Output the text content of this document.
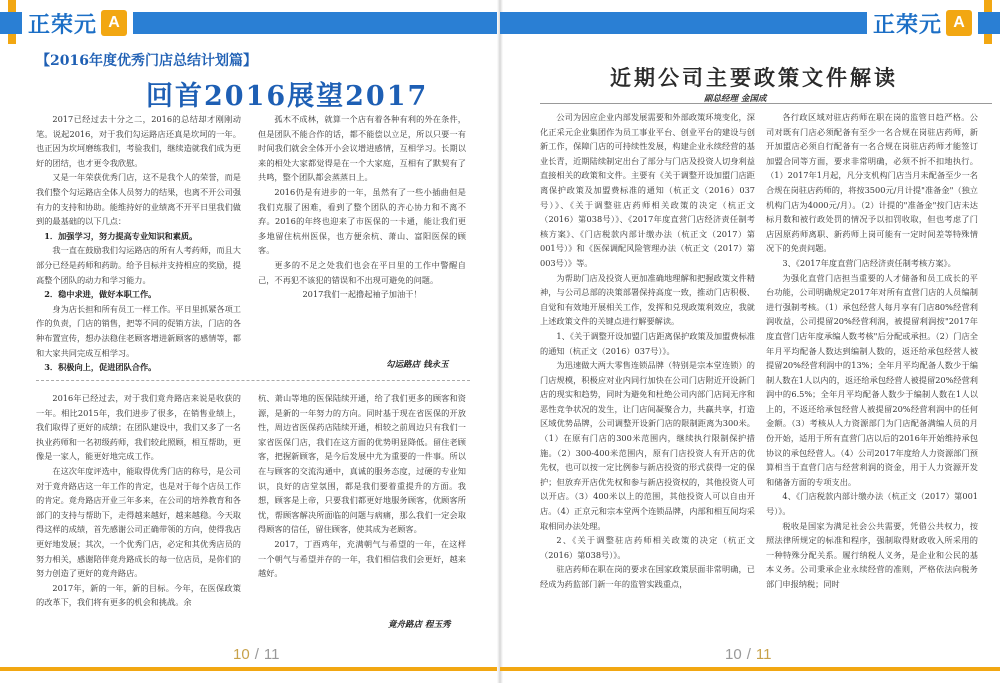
正荣元 A
【2016年度优秀门店总结计划篇】
回首2016展望2017

2017已经过去十分之二，2016的总结却才刚刚动笔。说起2016，对于我们勾运路店还真是坎坷的一年。也正因为坎坷磨练我们，考验我们，继续造就我们成为更好的团结，也才更令我欣慰。

又是一年荣获优秀门店，这不是我个人的荣誉，而是我们整个勾运路店全体人员努力的结果，也离不开公司强有力的支持和协助。能维持好的业绩离不开平日里我们做到的最基础的以下几点：

1．加强学习，努力提高专业知识和素质。

我一直在鼓励我们勾运路店的所有人考药师，而且大部分已经是药师和药助。给予目标并支持相应的奖励，提高整个团队的动力和学习能力。

2．稳中求进，做好本职工作。

身为店长担和所有员工一样工作。平日里抓紧各项工作的负责，门店的销售，把等不同的促销方法，门店的各种布置宣传，想办法稳住老顾客增进新顾客的感情等，都和大家共同完成互相学习。

3．积极向上，促进团队合作。

孤木不成林，就算一个店有着各种有利的外在条件，但是团队不能合作的话，都不能偿以立足，所以只要一有时间我们就会全体开小会议增进感情，互相学习。长期以来的相处大家都觉得是在一个大家庭，互相有了默契有了共鸣，整个团队都会蒸蒸日上。

2016仍是有进步的一年，虽然有了一些小插曲但是我们克服了困难，看到了整个团队的齐心协力和不离不弃。2016的年终也迎来了市医保的一卡通，能让我们更多地留住杭州医保，也方便余杭、萧山、富阳医保的顾客。

更多的不足之处我们也会在平日里的工作中警醒自己，不再犯不该犯的错误和不出现可避免的问题。

2017我们一起撸起袖子加油干！

勾运路店 钱永玉

2016年已经过去，对于我们竟舟路店来说是收获的一年。相比2015年，我们进步了很多，在销售业绩上，我们取得了更好的成绩；在团队建设中，我们又多了一名执业药师和一名初级药师，我们较此照顾，相互帮助，更像是一家人，能更好地完成工作。

在这次年度评选中，能取得优秀门店的称号，是公司对于竟舟路店这一年工作的肯定，也是对于每个店员工作的肯定。竟舟路店开业三年多来，在公司的培养教育和各部门的支持与帮助下，走得越来越好，越来越稳。今天取得这样的成绩，首先感谢公司正确带领的方向，使得我店更好地发展；其次，一个优秀门店，必定和其优秀店员的努力相关，感谢陪伴竟舟路成长的每一位店员，是你们的努力创造了更好的竟舟路店。

2017年，新的一年，新的目标。今年，在医保政策的改革下，我们将有更多的机会和挑战。余

杭、萧山等地的医保陆续开通，给了我们更多的顾客和资源，是新的一年努力的方向。同时基于现在省医保的开放性，周边省医保药店陆续开通，相较之前周边只有我们一家省医保门店，我们在这方面的优势明显降低。留住老顾客，把握新顾客，是今后发展中尤为重要的一件事。所以在与顾客的交流沟通中，真诚的服务态度，过硬的专业知识，良好的店堂氛围，都是我们要着重提升的方面。我想，顾客是上帝，只要我们都更好地服务顾客，优顾客所忧，帮顾客解决所面临的问题与病痛，那么我们一定会取得顾客的信任，留住顾客，使其成为老顾客。

2017，丁酉鸡年，充满朝气与希望的一年，在这样一个朝气与希望并存的一年，我们相信我们会更好，越来越好。

竟舟路店 程玉秀
10 / 11
正荣元 A
近期公司主要政策文件解读
副总经理 金国成

公司为因应企业内部发展需要和外部政策环境变化，深化正采元企业集团作为员工事业平台、创业平台的建设与创新工作，保障门店的可持续性发展，构建企业永续经营的基业长青，近期陆续制定出台了部分与门店及投资人切身利益直接相关的政策和文件。主要有《关于调整开设加盟门店距离保护政策及加盟费标准的通知（杭正文（2016）037号）》、《关于调整驻店药师相关政策的决定（杭正文（2016）第038号）》、《2017年度直营门店经济责任制考核方案》、《门店税款内部计缴办法（杭正文（2017）第001号）》和《医保调配风险管理办法（杭正文（2017）第003号）》等。

为帮助门店及投资人更加准确地理解和把握政策文件精神，与公司总部的决策部署保持高度一致，推动门店积极、自觉和有效地开展相关工作，发挥和兑现政策利效应，我就上述政策文件的关键点进行解要解读。

1、《关于调整开设加盟门店距离保护政策及加盟费标准的通知（杭正文（2016）037号）》。

为迅速做大两大零售连锁品牌（特别是宗本堂连锁）的门店规模，积极应对业内同行加快在公司门店附近开设新门店的现实和趋势，同时为避免和杜绝公司内部门店间无序和恶性竞争状况的发生，让门店间凝聚合力，共赢共享，打造区域优势品牌，公司调整开设新门店的限制距离为300米。（1）在原有门店的300米范围内，继续执行限制保护措施。（2）300-400米范围内，原有门店投资人有开店的优先权，也可以按一定比例参与新店投资的形式获得一定的保护；但放弃开店优先权和参与新店投资权的，其他投资人可以开店。（3）400米以上的范围，其他投资人可以自由开店。（4）正京元和宗本堂两个连锁品牌，内部和相互间均采取相同办法处理。

2、《关于调整驻店药师相关政策的决定（杭正文（2016）第038号）》。

驻店药师在职在岗的要求在国家政策层面非常明确，已经成为药监部门新一年的监管实践重点，

各行政区域对驻店药师在职在岗的监管日趋严格。公司对既有门店必须配备有至少一名合规在岗驻店药师，新开加盟店必须自行配备有一名合规在岗驻店药师才能签订加盟合同等方面，要求非常明确，必须不折不扣地执行。（1）2017年1月起，凡分支机构门店当月未配备至少一名合规在岗驻店药师的，将按3500元/月计提"准备金"（独立机构门店为4000元/月）。（2）计提的"准备金"按门店未达标月数和被行政处罚的情况予以扣罚收取，但也考虑了门店因原药师离职、新药师上岗可能有一定时间差等特殊情况下的免责问题。

3、《2017年度直营门店经济责任制考核方案》。

为强化直营门店担当重要的人才储备和员工成长的平台功能，公司明确规定2017年对所有直营门店的人员编制进行强制考核。（1）承包经营人每月享有门店80%经营利润收益，公司提留20%经营利润，被提留利润按"2017年度直营门店年度承编人数考核"后分配或承担。（2）门店全年月平均配备人数达到编制人数的，返还给承包经营人被提留20%经营利润中的13%；全年月平均配备人数少于编制人数在1人以内的，返还给承包经营人被提留20%经营利润中的6.5%；全年月平均配备人数少于编制人数在1人以上的，不返还给承包经营人被提留20%经营利润中的任何金额。（3）考核从人力资源部门为门店配备满编人员的月份开始，适用于所有直营门店以后的2016年开始维持承包协议的承包经营人。（4）公司2017年度给人力资源部门预算相当于直营门店与经营利润的资金，用于人力资源开发和储备方面的专项支出。

4、《门店税款内部计缴办法（杭正文（2017）第001号）》。

税收是国家为满足社会公共需要，凭借公共权力，按照法律所规定的标准和程序，强制取得财政收入所采用的一种特殊分配关系。履行纳税人义务，是企业和公民的基本义务。公司秉承企业永续经营的准则，严格依法向税务部门申报纳税；同时

10 / 11
